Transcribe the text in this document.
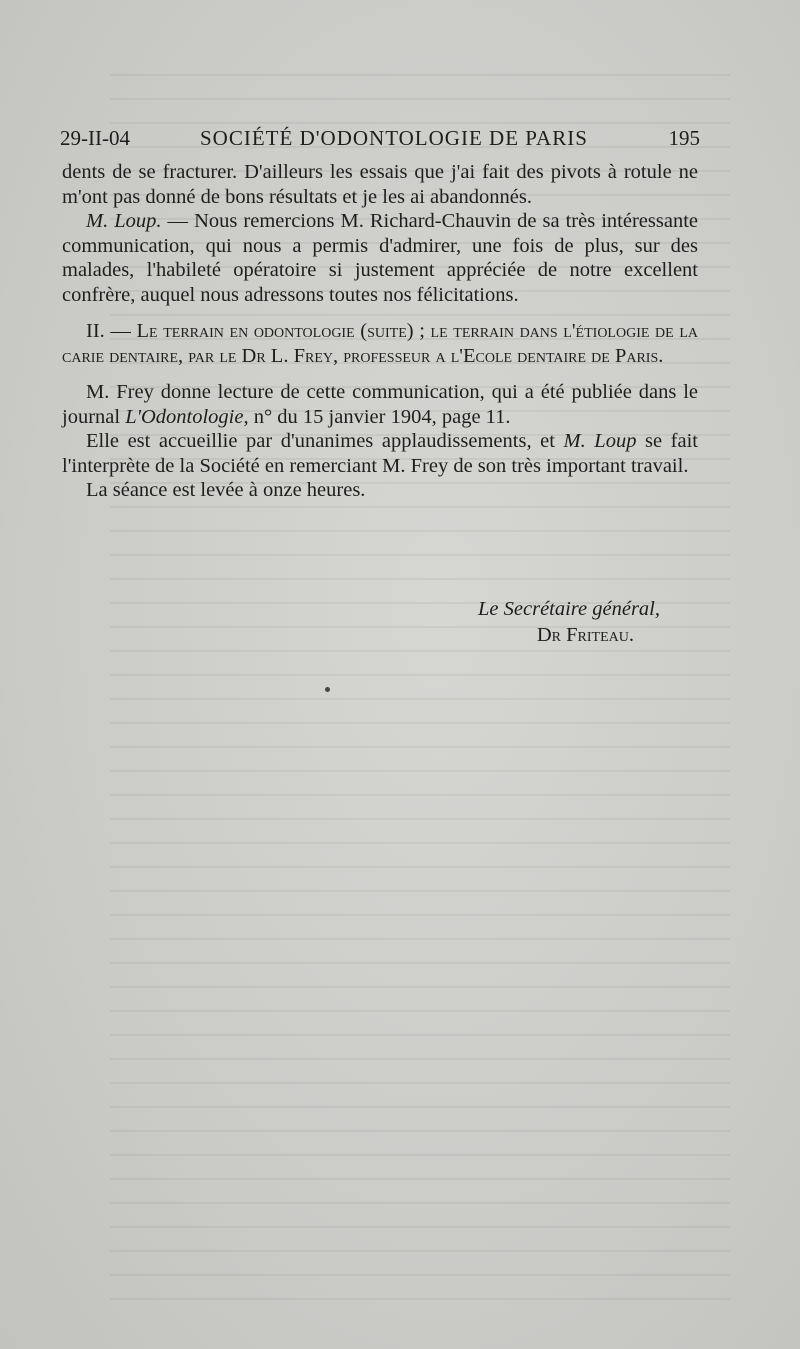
29-II-04	SOCIÉTÉ D'ODONTOLOGIE DE PARIS	195

dents de se fracturer. D'ailleurs les essais que j'ai fait des pivots à rotule ne m'ont pas donné de bons résultats et je les ai abandonnés.

M. Loup. — Nous remercions M. Richard-Chauvin de sa très intéressante communication, qui nous a permis d'admirer, une fois de plus, sur des malades, l'habileté opératoire si justement appréciée de notre excellent confrère, auquel nous adressons toutes nos félicitations.

II. — Le terrain en odontologie (suite) ; le terrain dans l'étiologie de la carie dentaire, par le Dr L. Frey, professeur a l'Ecole dentaire de Paris.

M. Frey donne lecture de cette communication, qui a été publiée dans le journal L'Odontologie, n° du 15 janvier 1904, page 11.

Elle est accueillie par d'unanimes applaudissements, et M. Loup se fait l'interprète de la Société en remerciant M. Frey de son très important travail.

La séance est levée à onze heures.

Le Secrétaire général,
Dr Friteau.
